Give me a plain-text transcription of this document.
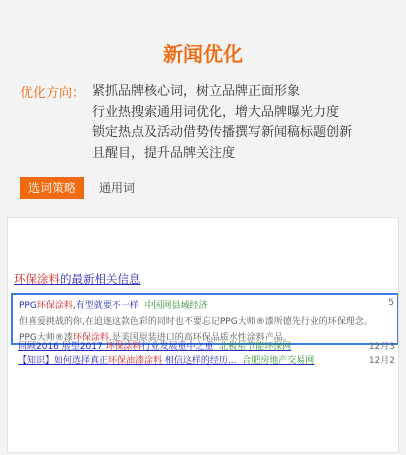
新闻优化
优化方向： 紧抓品牌核心词，树立品牌正面形象
行业热搜索通用词优化，增大品牌曝光力度
锁定热点及活动借势传播撰写新闻稿标题创新
且醒目，提升品牌关注度
选词策略	通用词
环保涂料的最新相关信息
PPG环保涂料,有型就要不一样 中国网县域经济	5
但喜爱挑战的你,在追逐这款色彩的同时也不要忘记PPG大师®漆所德先行业的环保理念。
PPG大师®漆环保涂料,是美国原装进口的高环保品质水性涂料产品。
回顾2016 展望2017 环保涂料行业发展重中之重 北极星节能环保网	12月3
【知识】如何选择真正环保油漆涂料 相信这样的经历... 合肥房地产交易网	12月2
